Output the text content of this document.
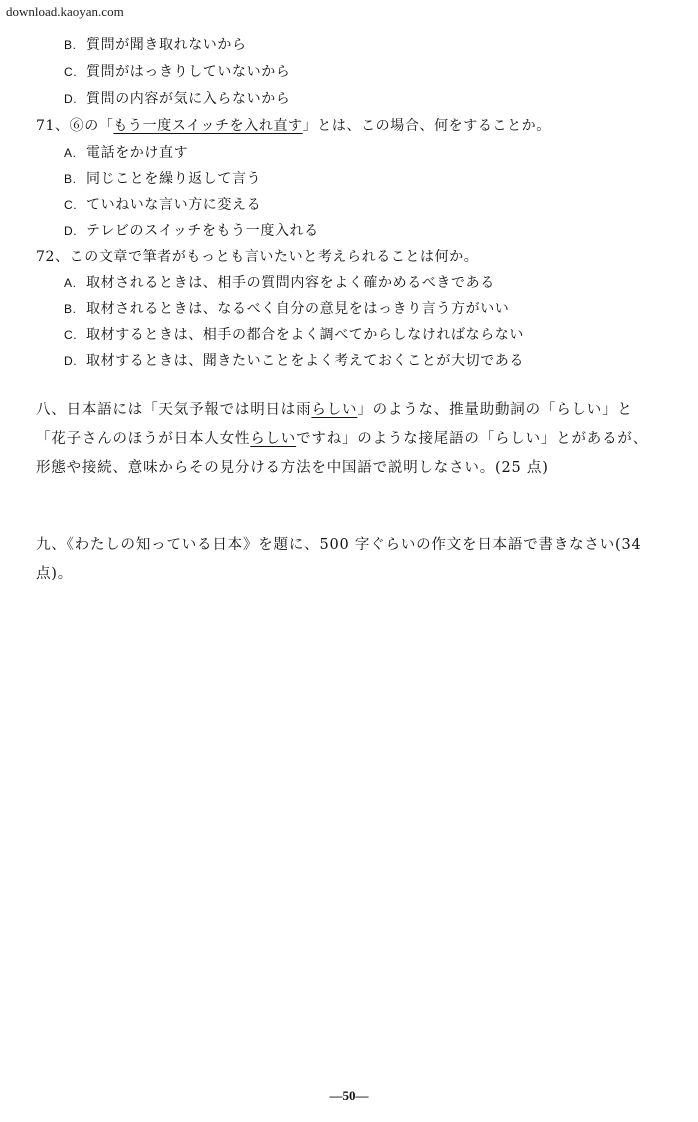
download.kaoyan.com
B. 質問が聞き取れないから
C. 質問がはっきりしていないから
D. 質問の内容が気に入らないから
71、⑥の「もう一度スイッチを入れ直す」とは、この場合、何をすることか。
A. 電話をかけ直す
B. 同じことを繰り返して言う
C. ていねいな言い方に変える
D. テレビのスイッチをもう一度入れる
72、この文章で筆者がもっとも言いたいと考えられることは何か。
A. 取材されるときは、相手の質問内容をよく確かめるべきである
B. 取材されるときは、なるべく自分の意見をはっきり言う方がいい
C. 取材するときは、相手の都合をよく調べてからしなければならない
D. 取材するときは、聞きたいことをよく考えておくことが大切である
八、日本語には「天気予報では明日は雨らしい」のような、推量助動詞の「らしい」と「花子さんのほうが日本人女性らしいですね」のような接尾語の「らしい」とがあるが、形態や接続、意味からその見分ける方法を中国語で説明しなさい。(25 点)
九、《わたしの知っている日本》を題に、500 字ぐらいの作文を日本語で書きなさい(34 点)。
—50—
